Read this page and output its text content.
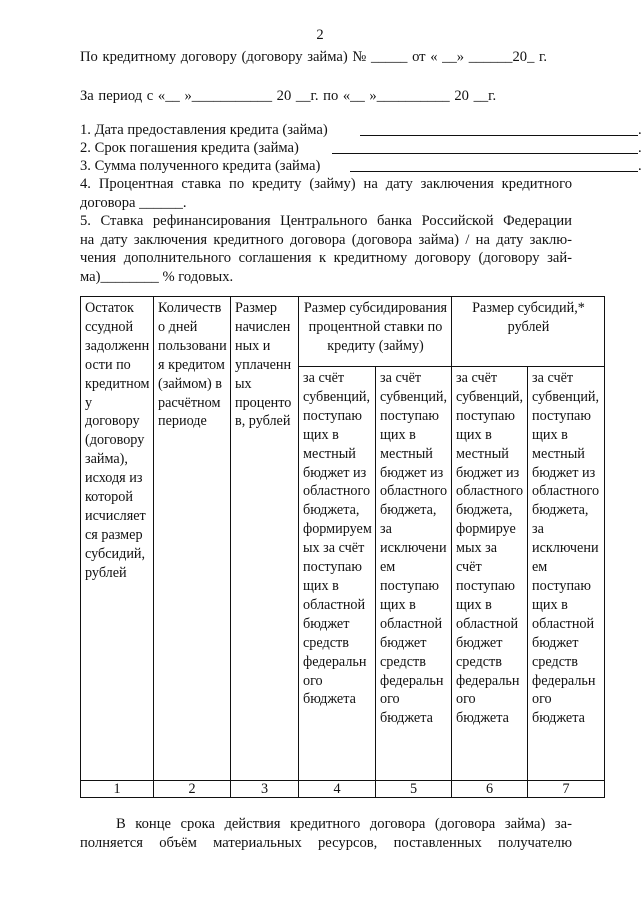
2
По кредитному договору (договору займа) № _____ от « __» ______20_ г.
За период с «__ »___________ 20 __г. по «__ »__________ 20 __г.
1. Дата предоставления кредита (займа)	.
2. Срок погашения кредита (займа)	.
3. Сумма полученного кредита (займа)	.
4. Процентная ставка по кредиту (займу) на дату заключения кредитного
договора ______.
5. Ставка рефинансирования Центрального банка Российской Федерации
на дату заключения кредитного договора (договора займа) / на дату заклю-
чения дополнительного соглашения к кредитному договору (договору зай-
ма)________ % годовых.
Остаток ссудной задолженности по кредитному договору (договору займа), исходя из которой исчисляется размер субсидий, рублей	Количество дней пользования кредитом (займом) в расчётном периоде	Размер начисленных и уплаченных процентов, рублей	Размер субсидирования процентной ставки по кредиту (займу)		Размер субсидий,* рублей	
			за счёт субвенций, поступающих в местный бюджет из областного бюджета, формируемых за счёт поступающих в областной бюджет средств федерального бюджета	за счёт субвенций, поступающих в местный бюджет из областного бюджета, за исключением поступающих в областной бюджет средств федерального бюджета	за счёт субвенций, поступающих в местный бюджет из областного бюджета, формируемых за счёт поступающих в областной бюджет средств федерального бюджета	за счёт субвенций, поступающих в местный бюджет из областного бюджета, за исключением поступающих в областной бюджет средств федерального бюджета
1	2	3	4	5	6	7
В конце срока действия кредитного договора (договора займа) за-
полняется объём материальных ресурсов, поставленных получателю
